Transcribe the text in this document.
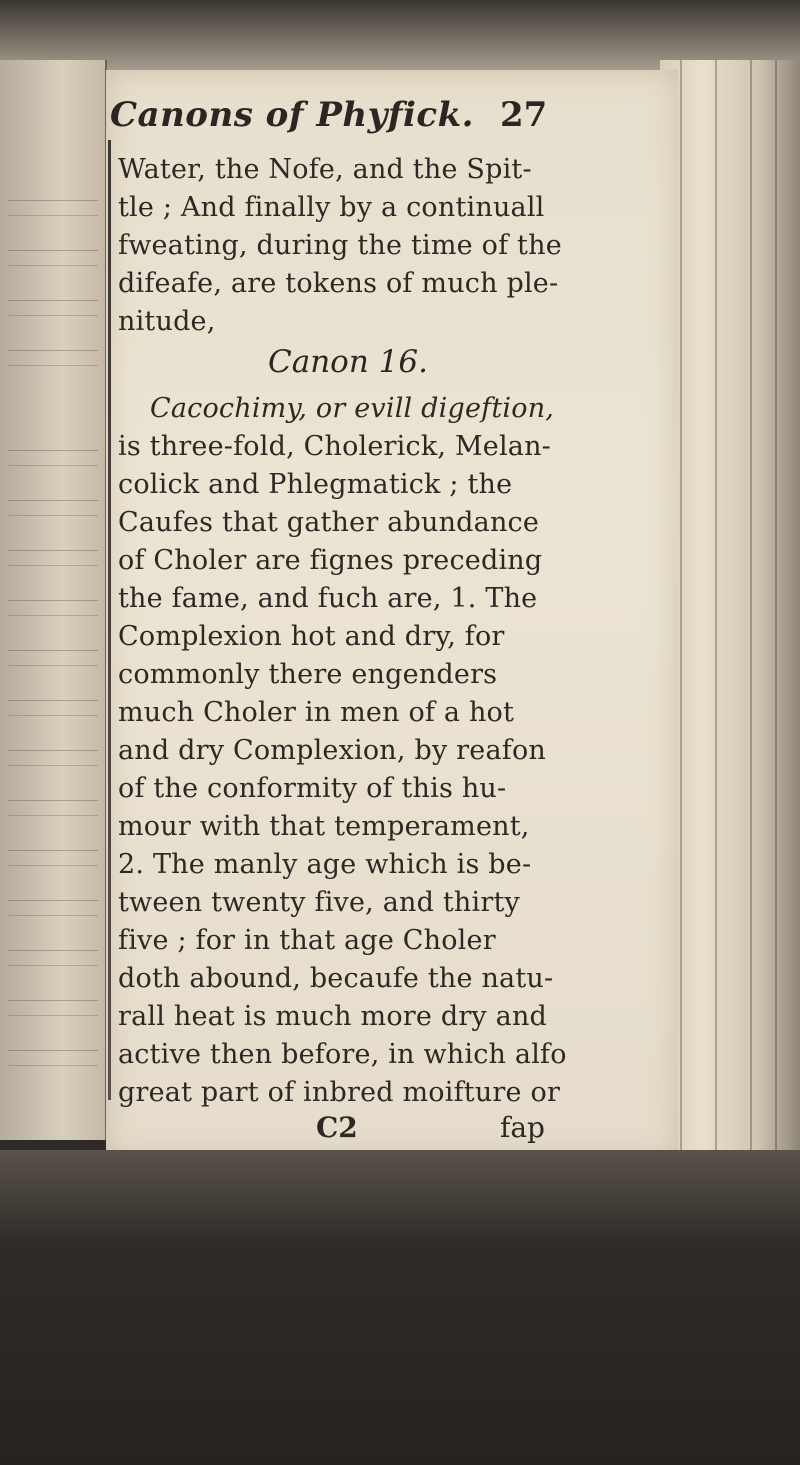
Canons of Phyfick. 27
Canon 16.
Water, the Nofe, and the Spit-
tle ; And finally by a continuall
fweating, during the time of the
difeafe, are tokens of much ple-
nitude,
Cacochimy, or evill digeftion,
is three-fold, Cholerick, Melan-
colick and Phlegmatick ; the
Caufes that gather abundance
of Choler are fignes preceding
the fame, and fuch are, 1. The
Complexion hot and dry, for
commonly there engenders
much Choler in men of a hot
and dry Complexion, by reafon
of the conformity of this hu-
mour with that temperament,
2. The manly age which is be-
tween twenty five, and thirty
five ; for in that age Choler
doth abound, becaufe the natu-
rall heat is much more dry and
active then before, in which alfo
great part of inbred moifture or
C2	fap
